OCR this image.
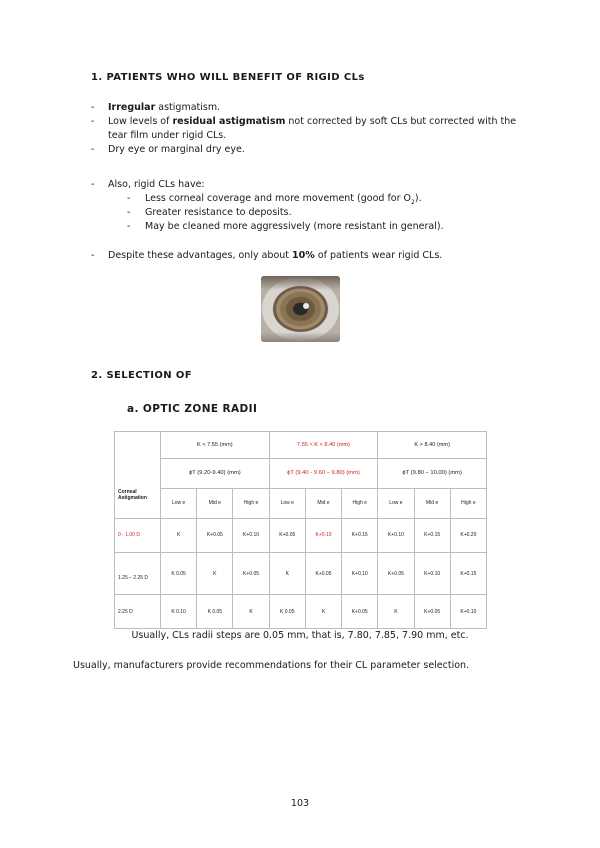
1. PATIENTS WHO WILL BENEFIT OF RIGID CLs
-	Irregular astigmatism.
-	Low levels of residual astigmatism not corrected by soft CLs but corrected with the
tear film under rigid CLs.
-	Dry eye or marginal dry eye.
-	Also, rigid CLs have:
-	Less corneal coverage and more movement (good for $O_2$).
-	Greater resistance to deposits.
-	May be cleaned more aggressively (more resistant in general).
-	Despite these advantages, only about 10% of patients wear rigid CLs.
2. SELECTION OF
a. OPTIC ZONE RADII
Corneal Astigmation	K < 7.55 (mm)			7.55 < K < 8.40 (mm)			K > 8.40 (mm)		
	ϕT (9.20-9.40) (mm)			ϕT (9.40 - 9.60 – 9.80) (mm)			ϕT (9.80 – 10.00) (mm)		
	Low e	Mid e	High e	Low e	Mid e	High e	Low e	Mid e	High e
0 - 1.00 D	K	K+0.05	K+0.10	K+0.05	K+0.10	K+0.15	K+0.10	K+0.15	K+0.20
1.25 – 2.25 D	K 0.05	K	K+0.05	K	K+0.05	K+0.10	K+0.05	K+0.10	K+0.15
2.25 D	K 0.10	K 0.05	K	K 0.05	K	K+0.05	K	K+0.05	K+0.10
Usually, CLs radii steps are 0.05 mm, that is, 7.80, 7.85, 7.90 mm, etc.
Usually, manufacturers provide recommendations for their CL parameter selection.
103
